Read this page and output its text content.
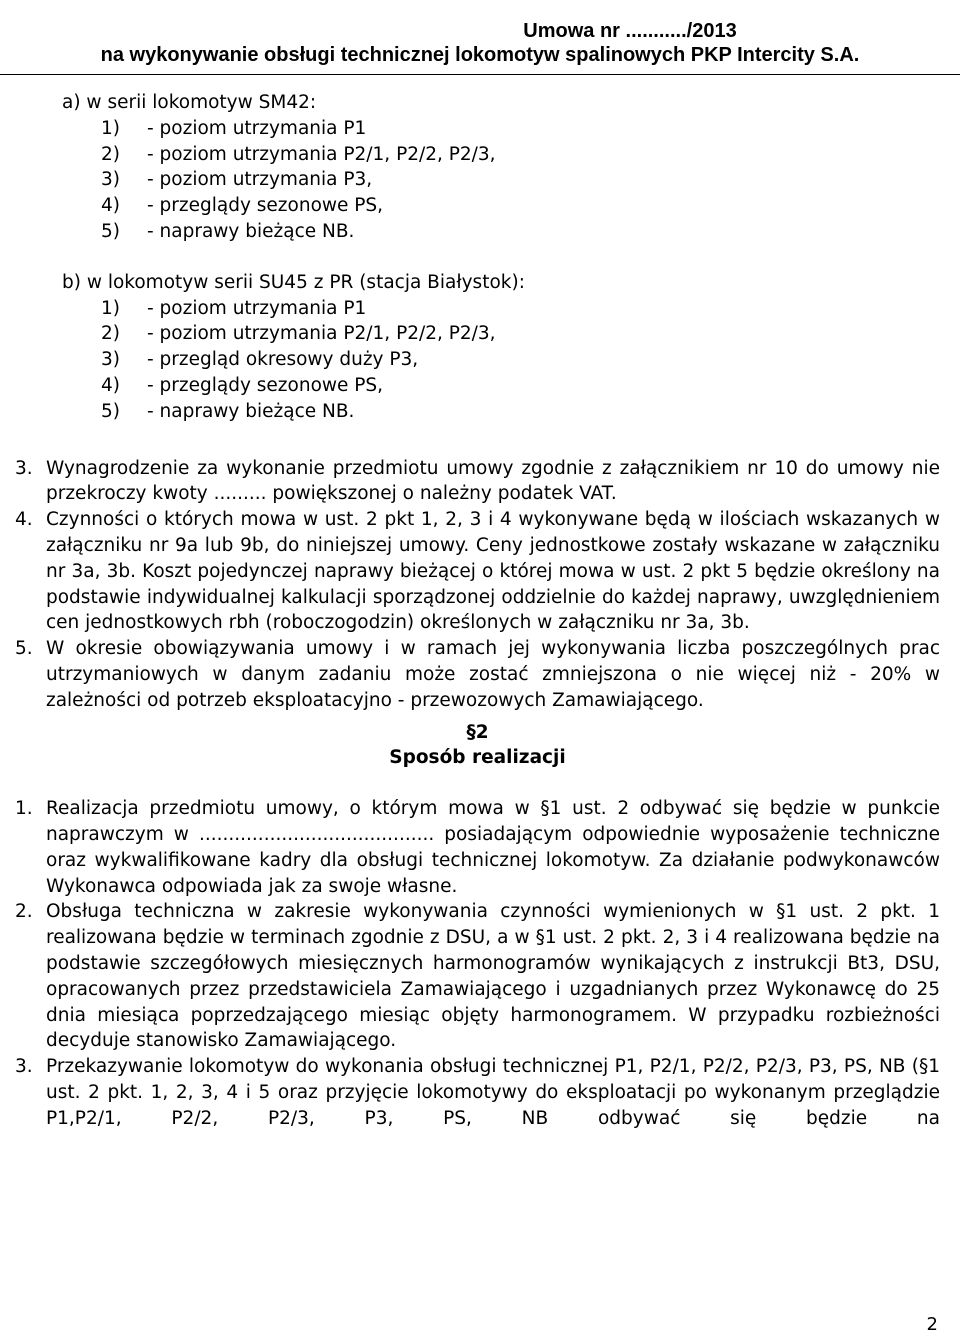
Umowa nr .........../2013
na wykonywanie obsługi technicznej lokomotyw spalinowych PKP Intercity S.A.
a) w serii lokomotyw SM42:
1)	- poziom utrzymania P1
2)	- poziom utrzymania P2/1, P2/2, P2/3,
3)	- poziom utrzymania P3,
4)	- przeglądy sezonowe PS,
5)	- naprawy bieżące NB.
b) w lokomotyw serii SU45 z PR (stacja Białystok):
1)	- poziom utrzymania P1
2)	- poziom utrzymania P2/1, P2/2, P2/3,
3)	- przegląd okresowy duży P3,
4)	- przeglądy sezonowe PS,
5)	- naprawy bieżące NB.
3. Wynagrodzenie za wykonanie przedmiotu umowy zgodnie z załącznikiem nr 10 do umowy nie przekroczy kwoty ......... powiększonej o należny podatek VAT.
4. Czynności o których mowa w ust. 2 pkt 1, 2, 3 i 4 wykonywane będą w ilościach wskazanych w załączniku nr 9a lub 9b, do niniejszej umowy. Ceny jednostkowe zostały wskazane w załączniku nr 3a, 3b. Koszt pojedynczej naprawy bieżącej o której mowa w ust. 2 pkt 5 będzie określony na podstawie indywidualnej kalkulacji sporządzonej oddzielnie do każdej naprawy, uwzględnieniem cen jednostkowych rbh (roboczogodzin) określonych w załączniku nr 3a, 3b.
5. W okresie obowiązywania umowy i w ramach jej wykonywania liczba poszczególnych prac utrzymaniowych w danym zadaniu może zostać zmniejszona o nie więcej niż - 20% w zależności od potrzeb eksploatacyjno - przewozowych Zamawiającego.
§2
Sposób realizacji
1. Realizacja przedmiotu umowy, o którym mowa w §1 ust. 2 odbywać się będzie w punkcie naprawczym w ........................................ posiadającym odpowiednie wyposażenie techniczne oraz wykwalifikowane kadry dla obsługi technicznej lokomotyw. Za działanie podwykonawców Wykonawca odpowiada jak za swoje własne.
2. Obsługa techniczna w zakresie wykonywania czynności wymienionych w §1 ust. 2 pkt. 1 realizowana będzie w terminach zgodnie z DSU, a w §1 ust. 2 pkt. 2, 3 i 4 realizowana będzie na podstawie szczegółowych miesięcznych harmonogramów wynikających z instrukcji Bt3, DSU, opracowanych przez przedstawiciela Zamawiającego i uzgadnianych przez Wykonawcę do 25 dnia miesiąca poprzedzającego miesiąc objęty harmonogramem. W przypadku rozbieżności decyduje stanowisko Zamawiającego.
3. Przekazywanie lokomotyw do wykonania obsługi technicznej P1, P2/1, P2/2, P2/3, P3, PS, NB (§1 ust. 2 pkt. 1, 2, 3, 4 i 5 oraz przyjęcie lokomotywy do eksploatacji po wykonanym przeglądzie P1,P2/1, P2/2, P2/3, P3, PS, NB odbywać się będzie na
2
